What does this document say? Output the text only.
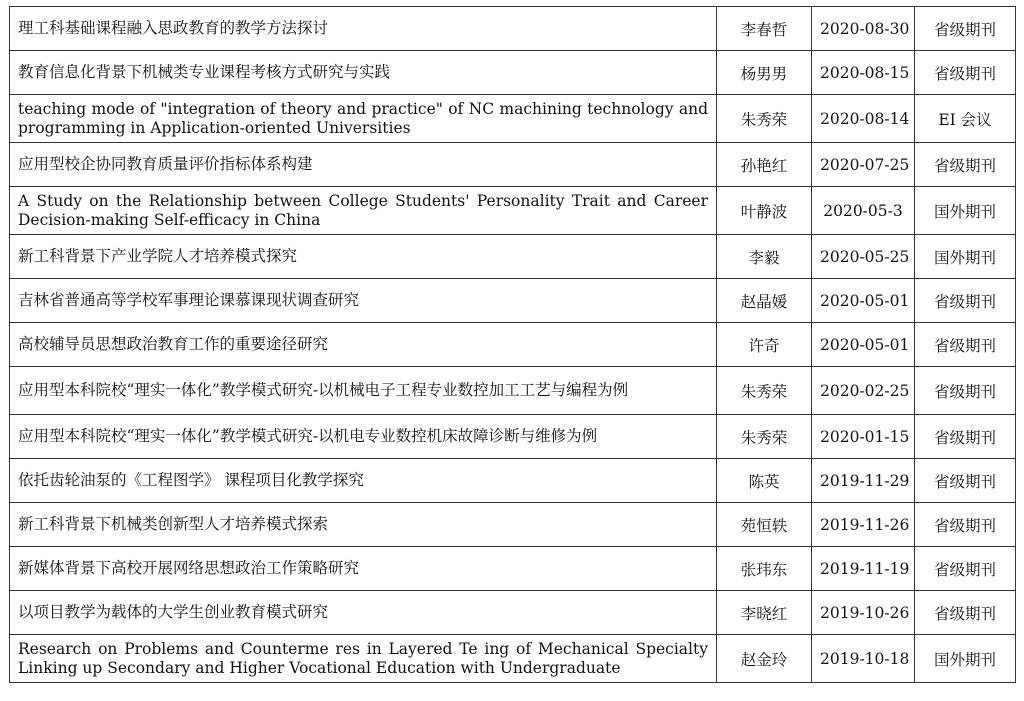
理工科基础课程融入思政教育的教学方法探讨	李春哲	2020-08-30	省级期刊
教育信息化背景下机械类专业课程考核方式研究与实践	杨男男	2020-08-15	省级期刊
teaching mode of "integration of theory and practice" of NC machining technology and programming in Application-oriented Universities	朱秀荣	2020-08-14	EI 会议
应用型校企协同教育质量评价指标体系构建	孙艳红	2020-07-25	省级期刊
A Study on the Relationship between College Students' Personality Trait and Career Decision-making Self-efficacy in China	叶静波	2020-05-3	国外期刊
新工科背景下产业学院人才培养模式探究	李毅	2020-05-25	国外期刊
吉林省普通高等学校军事理论课慕课现状调查研究	赵晶媛	2020-05-01	省级期刊
高校辅导员思想政治教育工作的重要途径研究	许奇	2020-05-01	省级期刊
应用型本科院校“理实一体化”教学模式研究-以机械电子工程专业数控加工工艺与编程为例	朱秀荣	2020-02-25	省级期刊
应用型本科院校“理实一体化”教学模式研究-以机电专业数控机床故障诊断与维修为例	朱秀荣	2020-01-15	省级期刊
依托齿轮油泵的《工程图学》 课程项目化教学探究	陈英	2019-11-29	省级期刊
新工科背景下机械类创新型人才培养模式探索	苑恒轶	2019-11-26	省级期刊
新媒体背景下高校开展网络思想政治工作策略研究	张玮东	2019-11-19	省级期刊
以项目教学为载体的大学生创业教育模式研究	李晓红	2019-10-26	省级期刊
Research on Problems and Counterme res in Layered Te ing of Mechanical Specialty Linking up Secondary and Higher Vocational Education with Undergraduate	赵金玲	2019-10-18	国外期刊
